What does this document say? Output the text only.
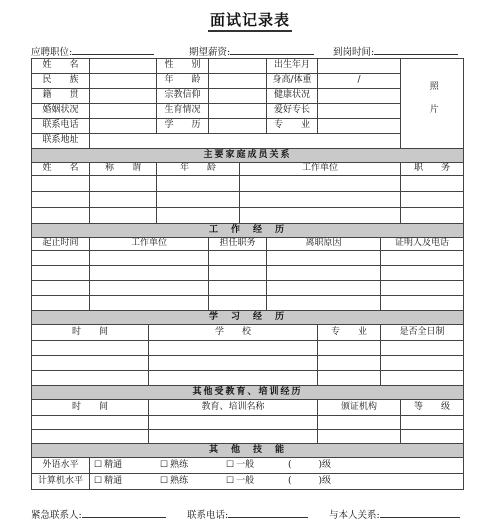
面试记录表
应聘职位:	期望薪资:	到岗时间:
姓　　名			性　　别			出生年月			照片
民　　族			年　　龄			身高/体重	/		
籍　　贯			宗教信仰			健康状况			
婚姻状况			生育情况			爱好专长			
联系电话			学　　历			专　　业			
联系地址									
主要家庭成员关系									
姓　　名	称　　谓		年　　龄		工作单位				职　　务

工　作　经　历									
起止时间	工作单位			担任职务		离职原因		证明人及电话	

学　习　经　历									
时　　间		学　　校					专　　业	是否全日制	

其他受教育、培训经历									
时　　间		教育、培训名称					颁证机构		等　　级

其　他　技　能									
外语水平	☐ 精通 ☐ 熟练 ☐ 一般 (　　　)级								
计算机水平	☐ 精通 ☐ 熟练 ☐ 一般 (　　　)级								
紧急联系人:	联系电话:	与本人关系:
